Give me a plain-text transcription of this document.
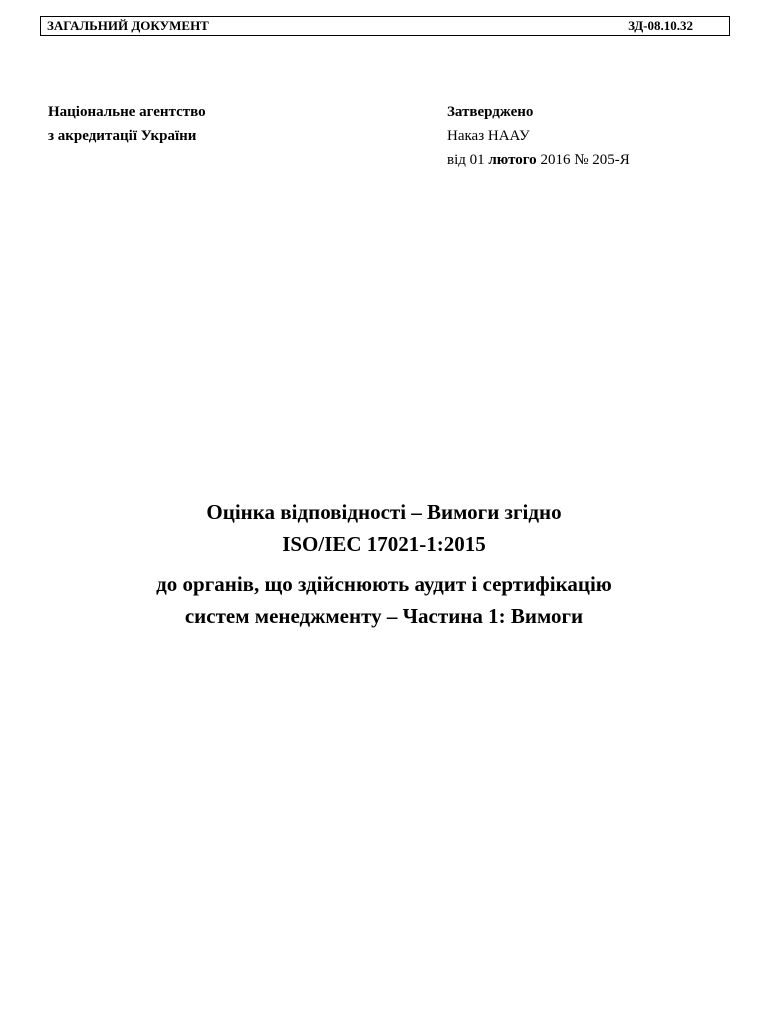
ЗАГАЛЬНИЙ ДОКУМЕНТ	ЗД-08.10.32
Національне агентство
з акредитації України
Затверджено
Наказ НААУ
від 01 лютого 2016 № 205-Я
Оцінка відповідності – Вимоги згідно
ISO/IEC 17021-1:2015
до органів, що здійснюють аудит і сертифікацію
систем менеджменту – Частина 1: Вимоги
